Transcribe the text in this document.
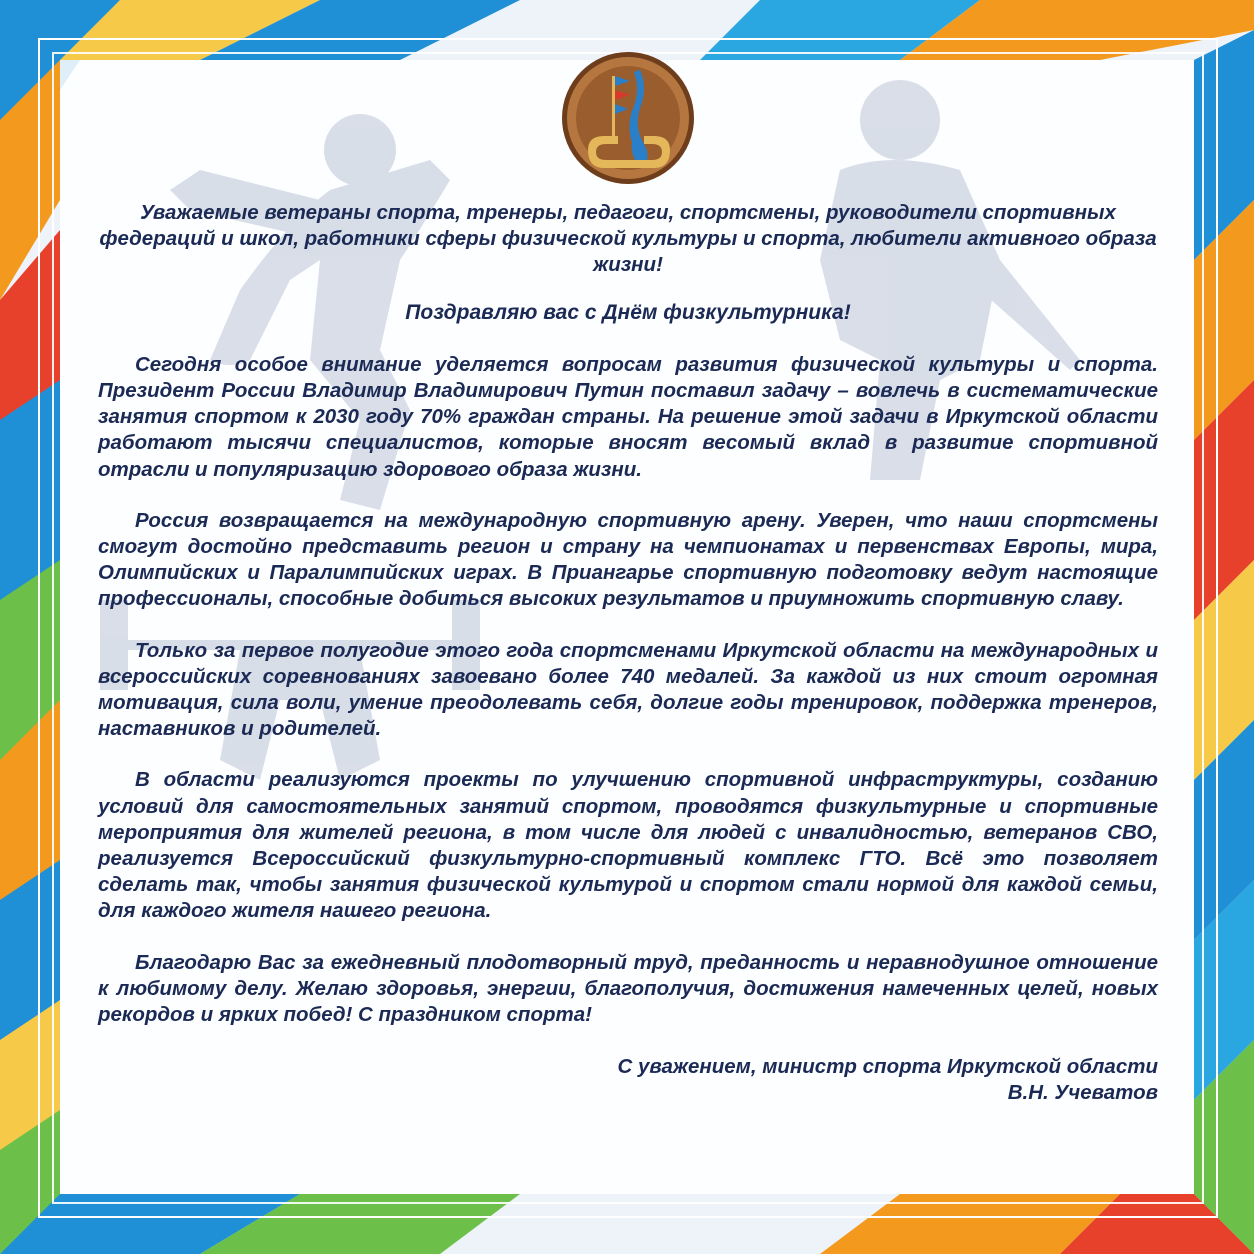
Уважаемые ветераны спорта, тренеры, педагоги, спортсмены, руководители спортивных федераций и школ, работники сферы физической культуры и спорта, любители активного образа жизни!

Поздравляю вас с Днём физкультурника!

Сегодня особое внимание уделяется вопросам развития физической культуры и спорта. Президент России Владимир Владимирович Путин поставил задачу – вовлечь в систематические занятия спортом к 2030 году 70% граждан страны. На решение этой задачи в Иркутской области работают тысячи специалистов, которые вносят весомый вклад в развитие спортивной отрасли и популяризацию здорового образа жизни.

Россия возвращается на международную спортивную арену. Уверен, что наши спортсмены смогут достойно представить регион и страну на чемпионатах и первенствах Европы, мира, Олимпийских и Паралимпийских играх. В Приангарье спортивную подготовку ведут настоящие профессионалы, способные добиться высоких результатов и приумножить спортивную славу.

Только за первое полугодие этого года спортсменами Иркутской области на международных и всероссийских соревнованиях завоевано более 740 медалей. За каждой из них стоит огромная мотивация, сила воли, умение преодолевать себя, долгие годы тренировок, поддержка тренеров, наставников и родителей.

В области реализуются проекты по улучшению спортивной инфраструктуры, созданию условий для самостоятельных занятий спортом, проводятся физкультурные и спортивные мероприятия для жителей региона, в том числе для людей с инвалидностью, ветеранов СВО, реализуется Всероссийский физкультурно-спортивный комплекс ГТО. Всё это позволяет сделать так, чтобы занятия физической культурой и спортом стали нормой для каждой семьи, для каждого жителя нашего региона.

Благодарю Вас за ежедневный плодотворный труд, преданность и неравнодушное отношение к любимому делу. Желаю здоровья, энергии, благополучия, достижения намеченных целей, новых рекордов и ярких побед! С праздником спорта!

С уважением, министр спорта Иркутской области

В.Н. Учеватов
